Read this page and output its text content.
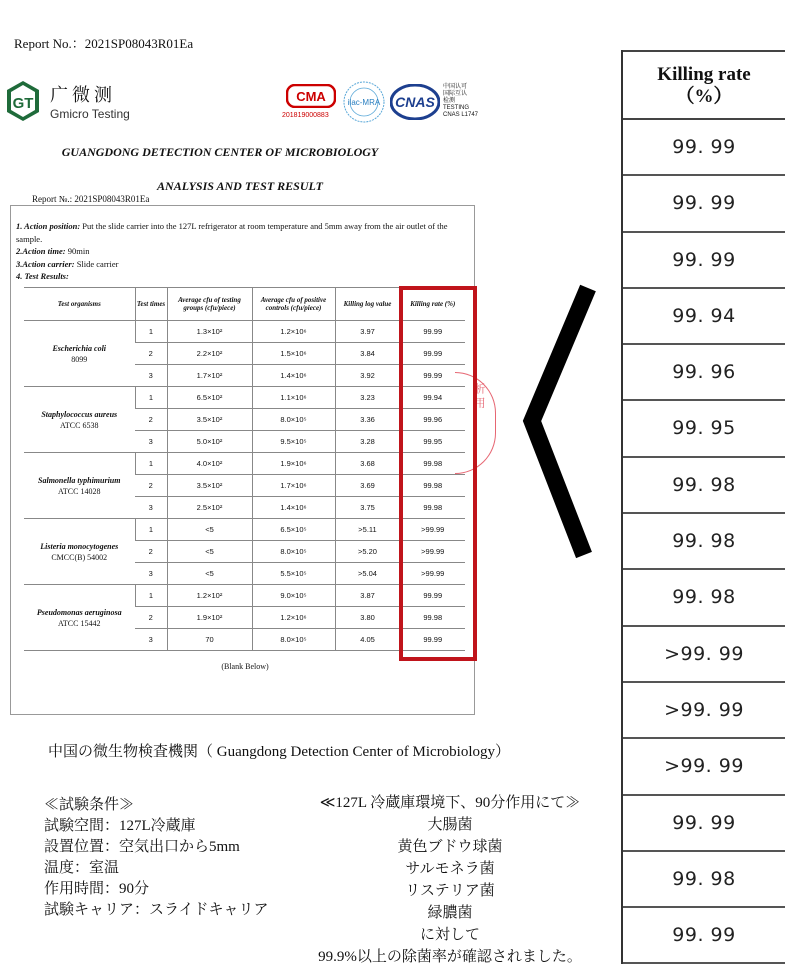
Report No.：2021SP08043R01Ea
GT 广微测
Gmicro Testing
CMA
201819000883
ilac-MRA CNAS
中国认可
国际互认
检测
TESTING
CNAS L1747
GUANGDONG DETECTION CENTER OF MICROBIOLOGY
ANALYSIS AND TEST RESULT
Report №.: 2021SP08043R01Ea
1. Action position: Put the slide carrier into the 127L refrigerator at room temperature and 5mm away from the air outlet of the sample.
2.Action time: 90min
3.Action carrier: Slide carrier
4. Test Results:
Test organisms	Test times	Average cfu of testing groups (cfu/piece)	Average cfu of positive controls (cfu/piece)	Killing log value	Killing rate (%)
Escherichia coli
8099	1	1.3×10²	1.2×10⁶	3.97	99.99
	2	2.2×10²	1.5×10⁶	3.84	99.99
	3	1.7×10²	1.4×10⁶	3.92	99.99
Staphylococcus aureus
ATCC 6538	1	6.5×10²	1.1×10⁶	3.23	99.94
	2	3.5×10²	8.0×10⁵	3.36	99.96
	3	5.0×10²	9.5×10⁵	3.28	99.95
Salmonella typhimurium
ATCC 14028	1	4.0×10²	1.9×10⁶	3.68	99.98
	2	3.5×10²	1.7×10⁶	3.69	99.98
	3	2.5×10²	1.4×10⁶	3.75	99.98
Listeria monocytogenes
CMCC(B) 54002	1	<5	6.5×10⁵	>5.11	>99.99
	2	<5	8.0×10⁵	>5.20	>99.99
	3	<5	5.5×10⁵	>5.04	>99.99
Pseudomonas aeruginosa
ATCC 15442	1	1.2×10²	9.0×10⁵	3.87	99.99
	2	1.9×10²	1.2×10⁶	3.80	99.98
	3	70	8.0×10⁵	4.05	99.99
(Blank Below)
析 用
中国の微生物検査機関（ Guangdong Detection Center of Microbiology）
≪試験条件≫
試験空間：127L冷蔵庫
設置位置：空気出口から5mm
温度：室温
作用時間：90分
試験キャリア：スライドキャリア
≪127L 冷蔵庫環境下、90分作用にて≫
大腸菌
黄色ブドウ球菌
サルモネラ菌
リステリア菌
緑膿菌
に対して
99.9%以上の除菌率が確認されました。
Killing rate
（%）
99. 99
99. 99
99. 99
99. 94
99. 96
99. 95
99. 98
99. 98
99. 98
>99. 99
>99. 99
>99. 99
99. 99
99. 98
99. 99
